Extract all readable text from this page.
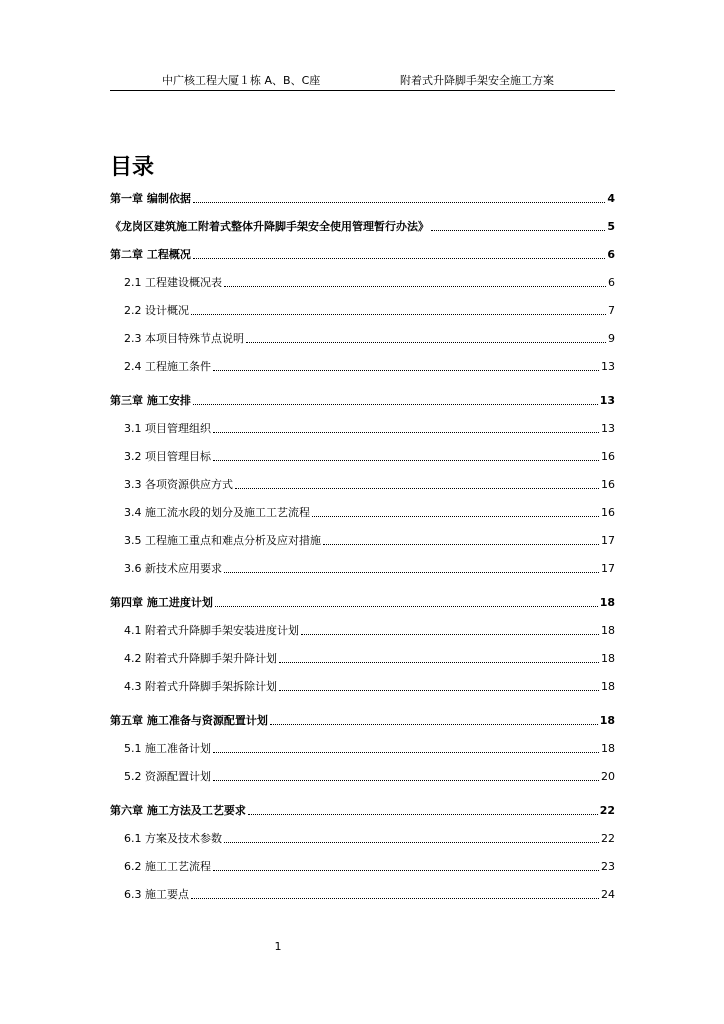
中广核工程大厦１栋 A、B、C座	附着式升降脚手架安全施工方案
目录
第一章 编制依据	4
《龙岗区建筑施工附着式整体升降脚手架安全使用管理暂行办法》	5
第二章 工程概况	6
2.1 工程建设概况表	6
2.2 设计概况	7
2.3 本项目特殊节点说明	9
2.4 工程施工条件	13
第三章 施工安排	13
3.1 项目管理组织	13
3.2 项目管理目标	16
3.3 各项资源供应方式	16
3.4 施工流水段的划分及施工工艺流程	16
3.5 工程施工重点和难点分析及应对措施	17
3.6 新技术应用要求	17
第四章 施工进度计划	18
4.1 附着式升降脚手架安装进度计划	18
4.2 附着式升降脚手架升降计划	18
4.3 附着式升降脚手架拆除计划	18
第五章 施工准备与资源配置计划	18
5.1 施工准备计划	18
5.2 资源配置计划	20
第六章 施工方法及工艺要求	22
6.1 方案及技术参数	22
6.2 施工工艺流程	23
6.3 施工要点	24
1
